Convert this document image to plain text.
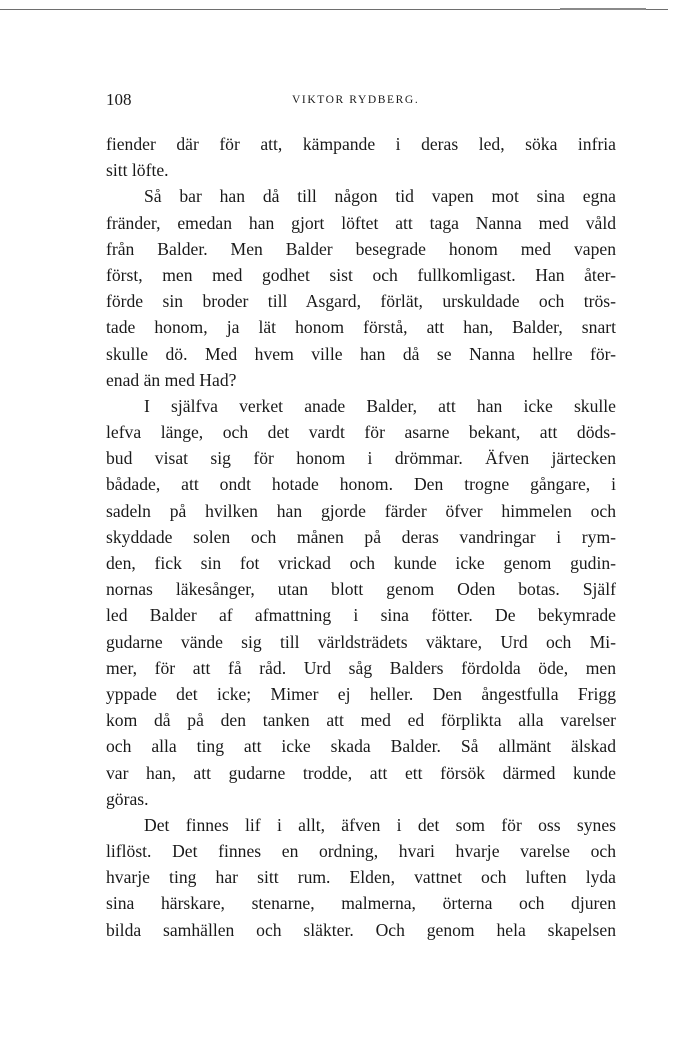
108	VIKTOR RYDBERG.
fiender där för att, kämpande i deras led, söka infria
sitt löfte.
Så bar han då till någon tid vapen mot sina egna
fränder, emedan han gjort löftet att taga Nanna med våld
från Balder. Men Balder besegrade honom med vapen
först, men med godhet sist och fullkomligast. Han åter-
förde sin broder till Asgard, förlät, urskuldade och trös-
tade honom, ja lät honom förstå, att han, Balder, snart
skulle dö. Med hvem ville han då se Nanna hellre för-
enad än med Had?
I själfva verket anade Balder, att han icke skulle
lefva länge, och det vardt för asarne bekant, att döds-
bud visat sig för honom i drömmar. Äfven järtecken
bådade, att ondt hotade honom. Den trogne gångare, i
sadeln på hvilken han gjorde färder öfver himmelen och
skyddade solen och månen på deras vandringar i rym-
den, fick sin fot vrickad och kunde icke genom gudin-
nornas läkesånger, utan blott genom Oden botas. Själf
led Balder af afmattning i sina fötter. De bekymrade
gudarne vände sig till världsträdets väktare, Urd och Mi-
mer, för att få råd. Urd såg Balders fördolda öde, men
yppade det icke; Mimer ej heller. Den ångestfulla Frigg
kom då på den tanken att med ed förplikta alla varelser
och alla ting att icke skada Balder. Så allmänt älskad
var han, att gudarne trodde, att ett försök därmed kunde
göras.
Det finnes lif i allt, äfven i det som för oss synes
liflöst. Det finnes en ordning, hvari hvarje varelse och
hvarje ting har sitt rum. Elden, vattnet och luften lyda
sina härskare, stenarne, malmerna, örterna och djuren
bilda samhällen och släkter. Och genom hela skapelsen
